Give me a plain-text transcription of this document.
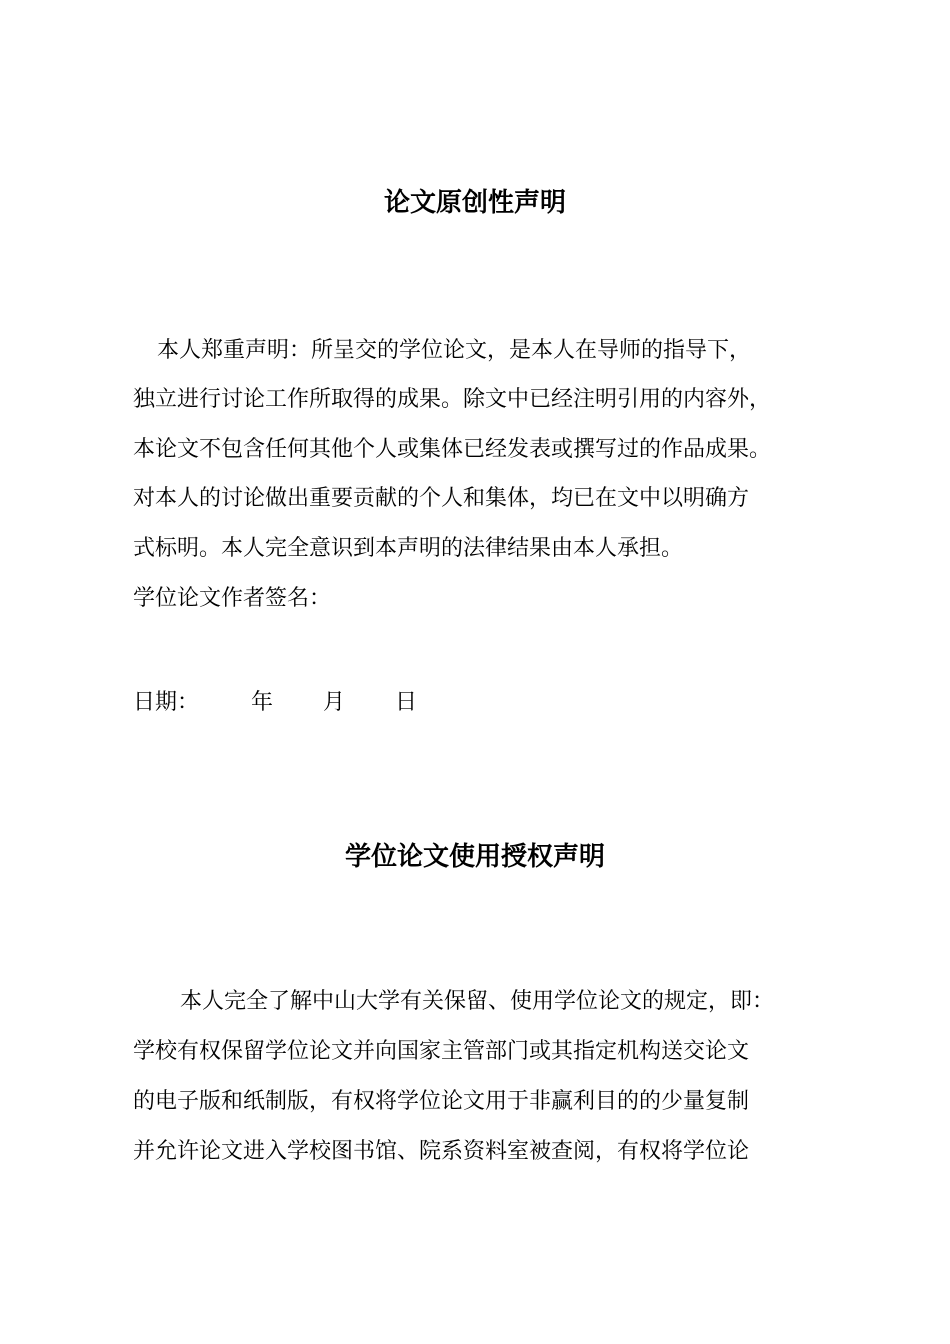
论文原创性声明
本人郑重声明：所呈交的学位论文，是本人在导师的指导下，
独立进行讨论工作所取得的成果。除文中已经注明引用的内容外，
本论文不包含任何其他个人或集体已经发表或撰写过的作品成果。
对本人的讨论做出重要贡献的个人和集体，均已在文中以明确方
式标明。本人完全意识到本声明的法律结果由本人承担。
学位论文作者签名：
日期： 年 月 日
学位论文使用授权声明
本人完全了解中山大学有关保留、使用学位论文的规定，即：
学校有权保留学位论文并向国家主管部门或其指定机构送交论文
的电子版和纸制版，有权将学位论文用于非赢利目的的少量复制
并允许论文进入学校图书馆、院系资料室被查阅，有权将学位论
